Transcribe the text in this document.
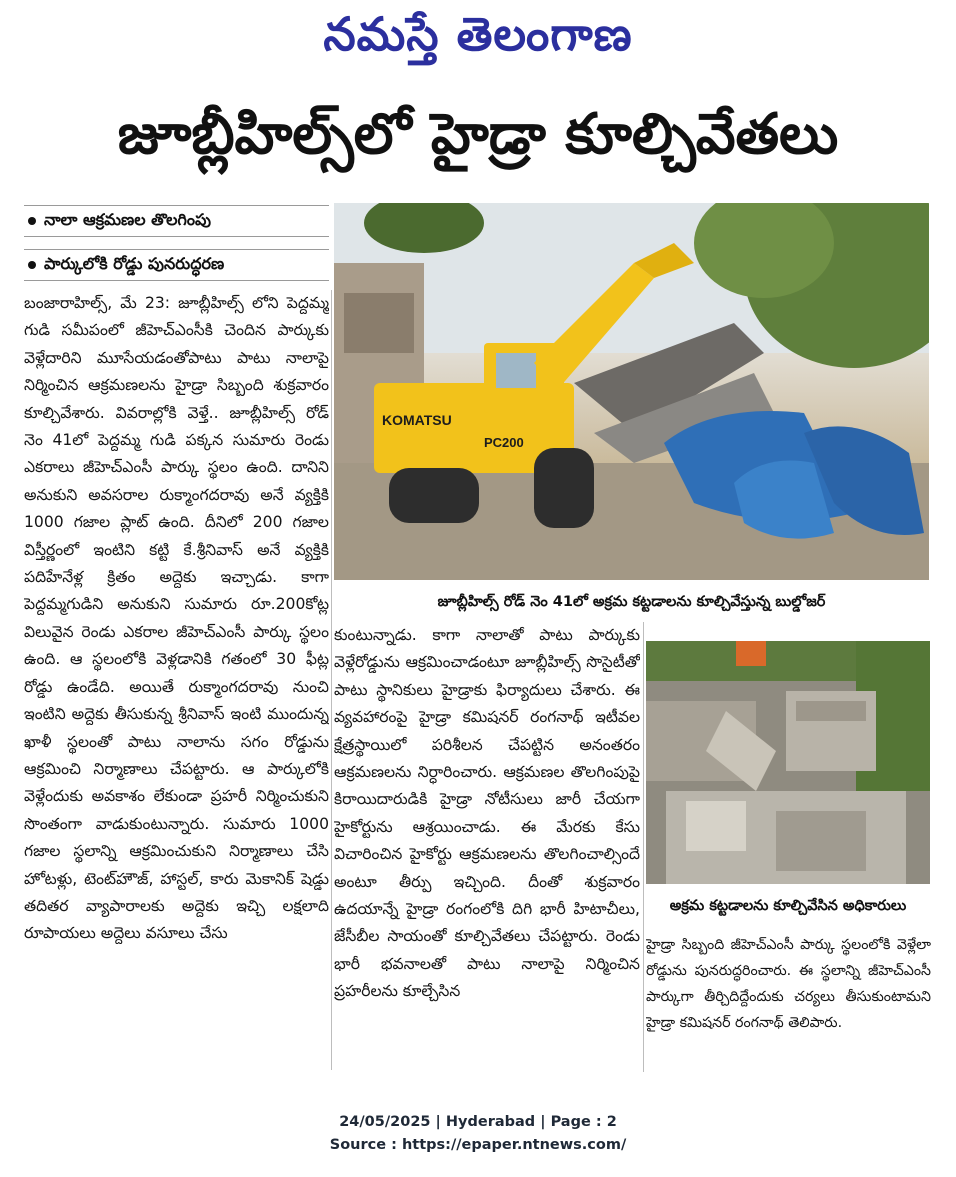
నమస్తే తెలంగాణ
జూబ్లీహిల్స్‌లో హైడ్రా కూల్చివేతలు
నాలా ఆక్రమణల తొలగింపు
పార్కులోకి రోడ్డు పునరుద్ధరణ

బంజారాహిల్స్, మే 23: జూబ్లీహిల్స్ లోని పెద్దమ్మ గుడి సమీపంలో జీహెచ్ఎంసీకి చెందిన పార్కుకు వెళ్లేదారిని మూసేయడంతోపాటు పాటు నాలాపై నిర్మించిన ఆక్రమణలను హైడ్రా సిబ్బంది శుక్రవారం కూల్చివేశారు. వివరాల్లోకి వెళ్తే.. జూబ్లీహిల్స్ రోడ్ నెం 41లో పెద్దమ్మ గుడి పక్కన సుమారు రెండు ఎకరాలు జీహెచ్ఎంసీ పార్కు స్థలం ఉంది. దానిని అనుకుని అవసరాల రుక్మాంగదరావు అనే వ్యక్తికి 1000 గజాల ప్లాట్ ఉంది. దీనిలో 200 గజాల విస్తీర్ణంలో ఇంటిని కట్టి కే.శ్రీనివాస్ అనే వ్యక్తికి పదిహేనేళ్ల క్రితం అద్దెకు ఇచ్చాడు. కాగా పెద్దమ్మగుడిని అనుకుని సుమారు రూ.200కోట్ల విలువైన రెండు ఎకరాల జీహెచ్ఎంసీ పార్కు స్థలం ఉంది. ఆ స్థలంలోకి వెళ్లడానికి గతంలో 30 ఫీట్ల రోడ్డు ఉండేది. అయితే రుక్మాంగదరావు నుంచి ఇంటిని అద్దెకు తీసుకున్న శ్రీనివాస్ ఇంటి ముందున్న ఖాళీ స్థలంతో పాటు నాలాను సగం రోడ్డును ఆక్రమించి నిర్మాణాలు చేపట్టారు. ఆ పార్కులోకి వెళ్లేందుకు అవకాశం లేకుండా ప్రహరీ నిర్మించుకుని సొంతంగా వాడుకుంటున్నారు. సుమారు 1000 గజాల స్థలాన్ని ఆక్రమించుకుని నిర్మాణాలు చేసి హోటళ్లు, టెంట్‌హౌజ్, హాస్టల్, కారు మెకానిక్ షెడ్డు తదితర వ్యాపారాలకు అద్దెకు ఇచ్చి లక్షలాది రూపాయలు అద్దెలు వసూలు చేసు

KOMATSU
PC200
జూబ్లీహిల్స్ రోడ్ నెం 41లో అక్రమ కట్టడాలను కూల్చివేస్తున్న బుల్డోజర్

కుంటున్నాడు. కాగా నాలాతో పాటు పార్కుకు వెళ్లేరోడ్డును ఆక్రమించాడంటూ జూబ్లీహిల్స్ సొసైటీతో పాటు స్థానికులు హైడ్రాకు ఫిర్యాదులు చేశారు. ఈ వ్యవహారంపై హైడ్రా కమిషనర్ రంగనాథ్ ఇటీవల క్షేత్రస్థాయిలో పరిశీలన చేపట్టిన అనంతరం ఆక్రమణలను నిర్ధారించారు. ఆక్రమణల తొలగింపుపై కిరాయిదారుడికి హైడ్రా నోటీసులు జారీ చేయగా హైకోర్టును ఆశ్రయించాడు. ఈ మేరకు కేసు విచారించిన హైకోర్టు ఆక్రమణలను తొలగించాల్సిందే అంటూ తీర్పు ఇచ్చింది. దీంతో శుక్రవారం ఉదయాన్నే హైడ్రా రంగంలోకి దిగి భారీ హిటాచీలు, జేసీబీల సాయంతో కూల్చివేతలు చేపట్టారు. రెండు భారీ భవనాలతో పాటు నాలాపై నిర్మించిన ప్రహరీలను కూల్చేసిన

అక్రమ కట్టడాలను కూల్చివేసిన అధికారులు

హైడ్రా సిబ్బంది జీహెచ్ఎంసీ పార్కు స్థలంలోకి వెళ్లేలా రోడ్డును పునరుద్ధరించారు. ఈ స్థలాన్ని జీహెచ్ఎంసీ పార్కుగా తీర్చిదిద్దేందుకు చర్యలు తీసుకుంటామని హైడ్రా కమిషనర్ రంగనాథ్ తెలిపారు.

24/05/2025 | Hyderabad | Page : 2
Source : https://epaper.ntnews.com/
